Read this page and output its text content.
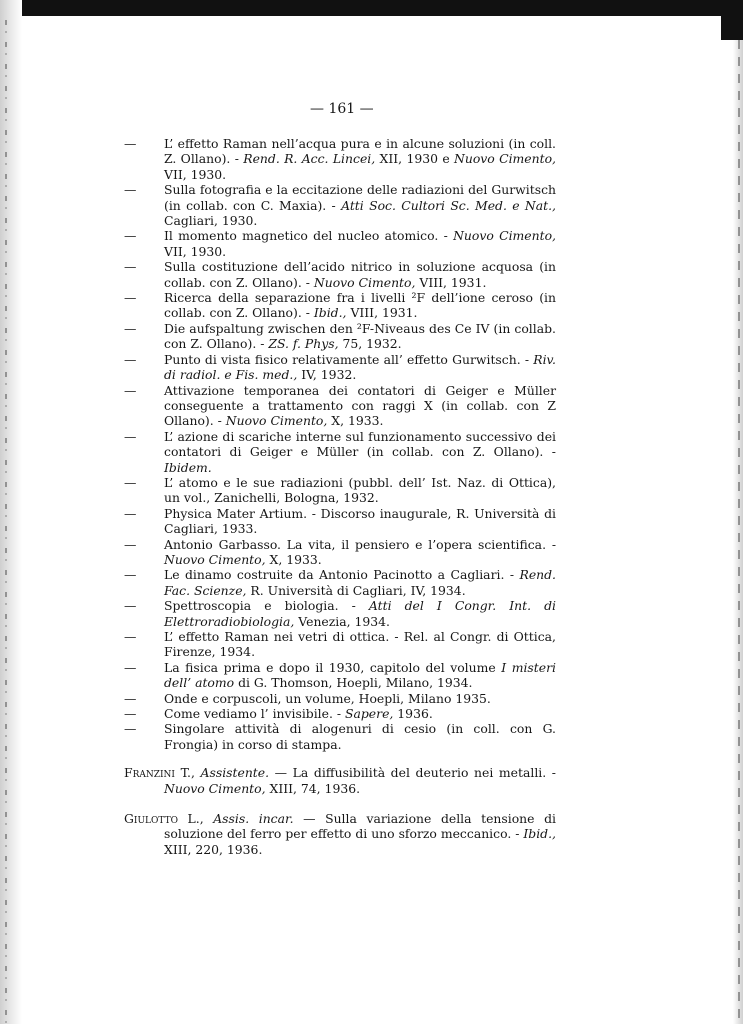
— 161 —
— L’ effetto Raman nell’acqua pura e in alcune soluzioni (in coll. Z. Ollano). - Rend. R. Acc. Lincei, XII, 1930 e Nuovo Cimento, VII, 1930.
— Sulla fotografia e la eccitazione delle radiazioni del Gurwitsch (in collab. con C. Maxia). - Atti Soc. Cultori Sc. Med. e Nat., Cagliari, 1930.
— Il momento magnetico del nucleo atomico. - Nuovo Cimento, VII, 1930.
— Sulla costituzione dell’acido nitrico in soluzione acquosa (in collab. con Z. Ollano). - Nuovo Cimento, VIII, 1931.
— Ricerca della separazione fra i livelli ²F dell’ione ceroso (in collab. con Z. Ollano). - Ibid., VIII, 1931.
— Die aufspaltung zwischen den ²F-Niveaus des Ce IV (in collab. con Z. Ollano). - ZS. f. Phys, 75, 1932.
— Punto di vista fisico relativamente all’ effetto Gurwitsch. - Riv. di radiol. e Fis. med., IV, 1932.
— Attivazione temporanea dei contatori di Geiger e Müller conseguente a trattamento con raggi X (in collab. con Z Ollano). - Nuovo Cimento, X, 1933.
— L’ azione di scariche interne sul funzionamento successivo dei contatori di Geiger e Müller (in collab. con Z. Ollano). - Ibidem.
— L’ atomo e le sue radiazioni (pubbl. dell’ Ist. Naz. di Ottica), un vol., Zanichelli, Bologna, 1932.
— Physica Mater Artium. - Discorso inaugurale, R. Università di Cagliari, 1933.
— Antonio Garbasso. La vita, il pensiero e l’opera scientifica. - Nuovo Cimento, X, 1933.
— Le dinamo costruite da Antonio Pacinotto a Cagliari. - Rend. Fac. Scienze, R. Università di Cagliari, IV, 1934.
— Spettroscopia e biologia. - Atti del I Congr. Int. di Elettroradiobiologia, Venezia, 1934.
— L’ effetto Raman nei vetri di ottica. - Rel. al Congr. di Ottica, Firenze, 1934.
— La fisica prima e dopo il 1930, capitolo del volume I misteri dell’ atomo di G. Thomson, Hoepli, Milano, 1934.
— Onde e corpuscoli, un volume, Hoepli, Milano 1935.
— Come vediamo l’ invisibile. - Sapere, 1936.
— Singolare attività di alogenuri di cesio (in coll. con G. Frongia) in corso di stampa.
Franzini T., Assistente. — La diffusibilità del deuterio nei metalli. - Nuovo Cimento, XIII, 74, 1936.
Giulotto L., Assis. incar. — Sulla variazione della tensione di soluzione del ferro per effetto di uno sforzo meccanico. - Ibid., XIII, 220, 1936.
